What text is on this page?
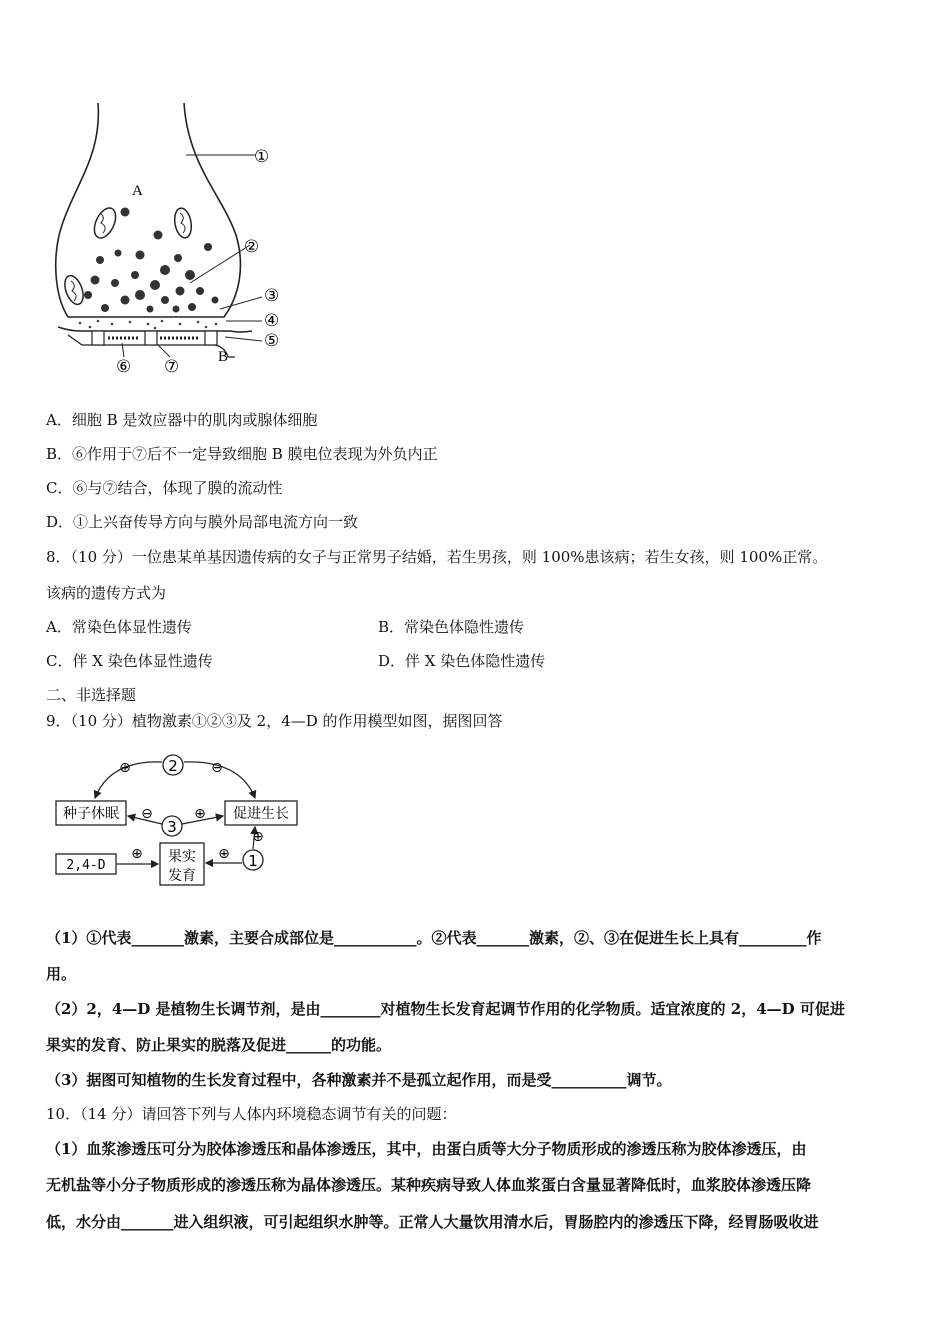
A
B
①
②
③
④
⑤
⑥ ⑦
A．细胞 B 是效应器中的肌肉或腺体细胞
B．⑥作用于⑦后不一定导致细胞 B 膜电位表现为外负内正
C．⑥与⑦结合，体现了膜的流动性
D．①上兴奋传导方向与膜外局部电流方向一致
8．（10 分）一位患某单基因遗传病的女子与正常男子结婚，若生男孩，则 100%患该病；若生女孩，则 100%正常。
该病的遗传方式为
A．常染色体显性遗传	B．常染色体隐性遗传
C．伴 X 染色体显性遗传	D．伴 X 染色体隐性遗传
二、非选择题
9．（10 分）植物激素①②③及 2，4—D 的作用模型如图，据图回答
种子休眠	促进生长
果实
发育
2,4-D
2
3
1
⊕	⊖
⊖	⊕
⊕
⊕
⊕
（1）①代表_______激素，主要合成部位是___________。②代表_______激素，②、③在促进生长上具有_________作
用。
（2）2，4—D 是植物生长调节剂，是由________对植物生长发育起调节作用的化学物质。适宜浓度的 2，4—D 可促进
果实的发育、防止果实的脱落及促进______的功能。
（3）据图可知植物的生长发育过程中，各种激素并不是孤立起作用，而是受__________调节。
10．（14 分）请回答下列与人体内环境稳态调节有关的问题：
（1）血浆渗透压可分为胶体渗透压和晶体渗透压，其中，由蛋白质等大分子物质形成的渗透压称为胶体渗透压，由
无机盐等小分子物质形成的渗透压称为晶体渗透压。某种疾病导致人体血浆蛋白含量显著降低时，血浆胶体渗透压降
低，水分由_______进入组织液，可引起组织水肿等。正常人大量饮用清水后，胃肠腔内的渗透压下降，经胃肠吸收进
